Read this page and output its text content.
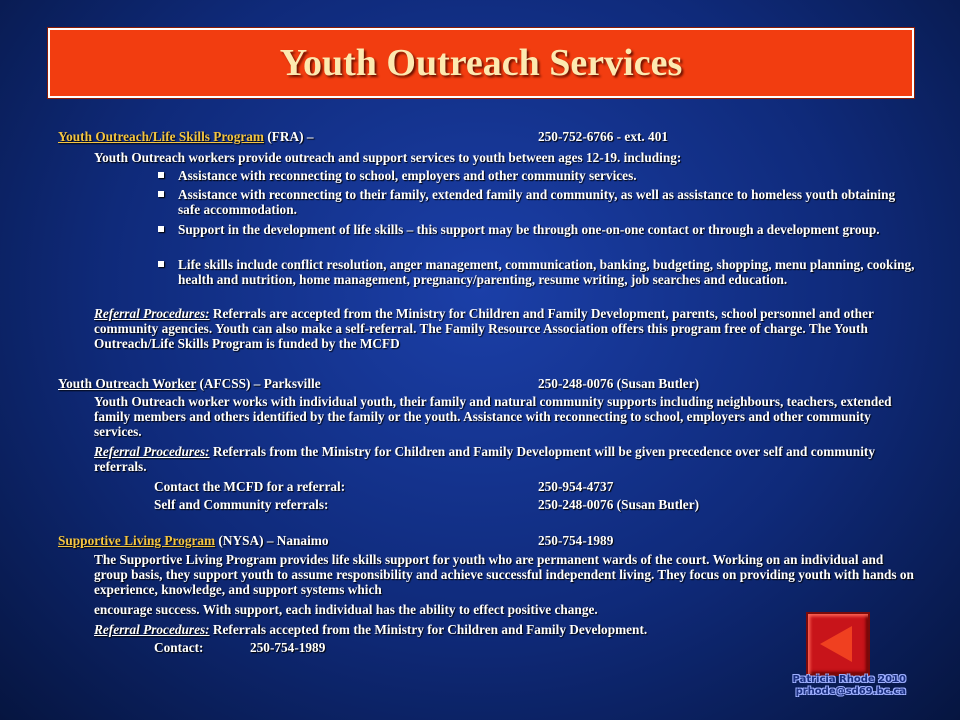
Youth Outreach Services
Youth Outreach/Life Skills Program (FRA) –	250-752-6766 - ext. 401
Youth Outreach workers provide outreach and support services to youth between ages 12-19. including:
Assistance with reconnecting to school, employers and other community services.
Assistance with reconnecting to their family, extended family and community, as well as assistance to homeless youth obtaining safe accommodation.
Support in the development of life skills – this support may be through one-on-one contact or through a development group.
Life skills include conflict resolution, anger management, communication, banking, budgeting, shopping, menu planning, cooking, health and nutrition, home management, pregnancy/parenting, resume writing, job searches and education.
Referral Procedures: Referrals are accepted from the Ministry for Children and Family Development, parents, school personnel and other community agencies. Youth can also make a self-referral. The Family Resource Association offers this program free of charge. The Youth Outreach/Life Skills Program is funded by the MCFD
Youth Outreach Worker (AFCSS) – Parksville	250-248-0076 (Susan Butler)
Youth Outreach worker works with individual youth, their family and natural community supports including neighbours, teachers, extended family members and others identified by the family or the youth. Assistance with reconnecting to school, employers and other community services.
Referral Procedures: Referrals from the Ministry for Children and Family Development will be given precedence over self and community referrals.
Contact the MCFD for a referral:	250-954-4737
Self and Community referrals:	250-248-0076 (Susan Butler)
Supportive Living Program (NYSA) – Nanaimo	250-754-1989
The Supportive Living Program provides life skills support for youth who are permanent wards of the court. Working on an individual and group basis, they support youth to assume responsibility and achieve successful independent living. They focus on providing youth with hands on experience, knowledge, and support systems which
encourage success. With support, each individual has the ability to effect positive change.
Referral Procedures: Referrals accepted from the Ministry for Children and Family Development.
Contact:	250-754-1989
Patricia Rhode 2010
prhode@sd69.bc.ca
